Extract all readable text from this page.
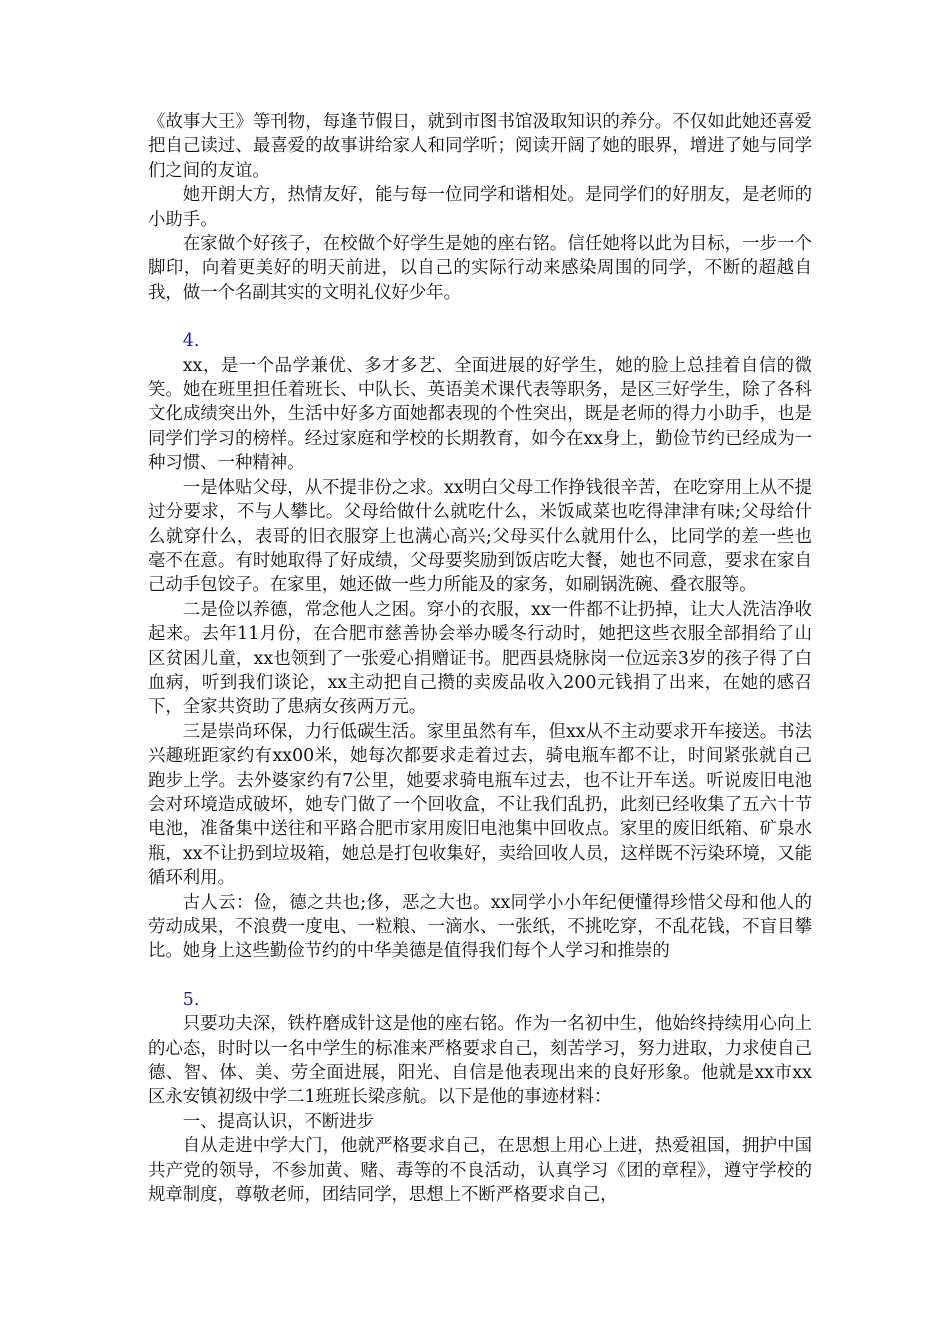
《故事大王》等刊物，每逢节假日，就到市图书馆汲取知识的养分。不仅如此她还喜爱把自己读过、最喜爱的故事讲给家人和同学听；阅读开阔了她的眼界，增进了她与同学们之间的友谊。

她开朗大方，热情友好，能与每一位同学和谐相处。是同学们的好朋友，是老师的小助手。

在家做个好孩子，在校做个好学生是她的座右铭。信任她将以此为目标，一步一个脚印，向着更美好的明天前进，以自己的实际行动来感染周围的同学，不断的超越自我，做一个名副其实的文明礼仪好少年。

4.

xx，是一个品学兼优、多才多艺、全面进展的好学生，她的脸上总挂着自信的微笑。她在班里担任着班长、中队长、英语美术课代表等职务，是区三好学生，除了各科文化成绩突出外，生活中好多方面她都表现的个性突出，既是老师的得力小助手，也是同学们学习的榜样。经过家庭和学校的长期教育，如今在xx身上，勤俭节约已经成为一种习惯、一种精神。

一是体贴父母，从不提非份之求。xx明白父母工作挣钱很辛苦，在吃穿用上从不提过分要求，不与人攀比。父母给做什么就吃什么，米饭咸菜也吃得津津有味;父母给什么就穿什么，表哥的旧衣服穿上也满心高兴;父母买什么就用什么，比同学的差一些也毫不在意。有时她取得了好成绩，父母要奖励到饭店吃大餐，她也不同意，要求在家自己动手包饺子。在家里，她还做一些力所能及的家务，如刷锅洗碗、叠衣服等。

二是俭以养德，常念他人之困。穿小的衣服，xx一件都不让扔掉，让大人洗洁净收起来。去年11月份，在合肥市慈善协会举办暖冬行动时，她把这些衣服全部捐给了山区贫困儿童，xx也领到了一张爱心捐赠证书。肥西县烧脉岗一位远亲3岁的孩子得了白血病，听到我们谈论，xx主动把自己攒的卖废品收入200元钱捐了出来，在她的感召下，全家共资助了患病女孩两万元。

三是崇尚环保，力行低碳生活。家里虽然有车，但xx从不主动要求开车接送。书法兴趣班距家约有xx00米，她每次都要求走着过去，骑电瓶车都不让，时间紧张就自己跑步上学。去外婆家约有7公里，她要求骑电瓶车过去，也不让开车送。听说废旧电池会对环境造成破坏，她专门做了一个回收盒，不让我们乱扔，此刻已经收集了五六十节电池，准备集中送往和平路合肥市家用废旧电池集中回收点。家里的废旧纸箱、矿泉水瓶，xx不让扔到垃圾箱，她总是打包收集好，卖给回收人员，这样既不污染环境，又能循环利用。

古人云：俭，德之共也;侈，恶之大也。xx同学小小年纪便懂得珍惜父母和他人的劳动成果，不浪费一度电、一粒粮、一滴水、一张纸，不挑吃穿，不乱花钱，不盲目攀比。她身上这些勤俭节约的中华美德是值得我们每个人学习和推崇的

5.

只要功夫深，铁杵磨成针这是他的座右铭。作为一名初中生，他始终持续用心向上的心态，时时以一名中学生的标准来严格要求自己，刻苦学习，努力进取，力求使自己德、智、体、美、劳全面进展，阳光、自信是他表现出来的良好形象。他就是xx市xx区永安镇初级中学二1班班长梁彦航。以下是他的事迹材料：

一、提高认识，不断进步

自从走进中学大门，他就严格要求自己，在思想上用心上进，热爱祖国，拥护中国共产党的领导，不参加黄、赌、毒等的不良活动，认真学习《团的章程》，遵守学校的规章制度，尊敬老师，团结同学，思想上不断严格要求自己，
